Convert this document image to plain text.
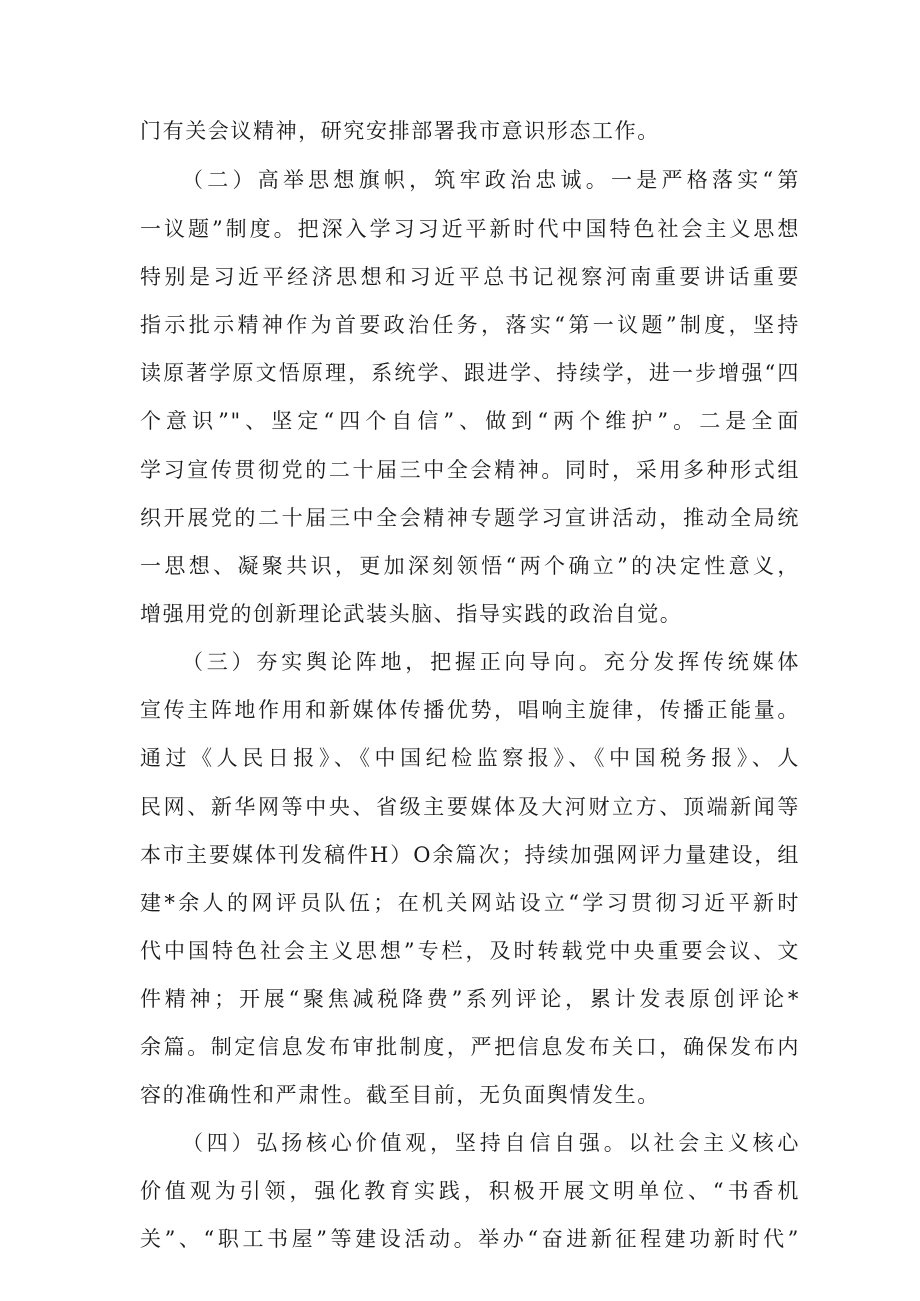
门有关会议精神，研究安排部署我市意识形态工作。
（二）高举思想旗帜，筑牢政治忠诚。一是严格落实“第
一议题”制度。把深入学习习近平新时代中国特色社会主义思想
特别是习近平经济思想和习近平总书记视察河南重要讲话重要
指示批示精神作为首要政治任务，落实“第一议题”制度，坚持
读原著学原文悟原理，系统学、跟进学、持续学，进一步增强“四
个意识”"、坚定“四个自信”、做到“两个维护”。二是全面
学习宣传贯彻党的二十届三中全会精神。同时，采用多种形式组
织开展党的二十届三中全会精神专题学习宣讲活动，推动全局统
一思想、凝聚共识，更加深刻领悟“两个确立”的决定性意义，
增强用党的创新理论武装头脑、指导实践的政治自觉。
（三）夯实舆论阵地，把握正向导向。充分发挥传统媒体
宣传主阵地作用和新媒体传播优势，唱响主旋律，传播正能量。
通过《人民日报》、《中国纪检监察报》、《中国税务报》、人
民网、新华网等中央、省级主要媒体及大河财立方、顶端新闻等
本市主要媒体刊发稿件H）O余篇次；持续加强网评力量建设，组
建*余人的网评员队伍；在机关网站设立“学习贯彻习近平新时
代中国特色社会主义思想”专栏，及时转载党中央重要会议、文
件精神；开展“聚焦减税降费”系列评论，累计发表原创评论*
余篇。制定信息发布审批制度，严把信息发布关口，确保发布内
容的准确性和严肃性。截至目前，无负面舆情发生。
（四）弘扬核心价值观，坚持自信自强。以社会主义核心
价值观为引领，强化教育实践，积极开展文明单位、“书香机
关”、“职工书屋”等建设活动。举办“奋进新征程建功新时代”
